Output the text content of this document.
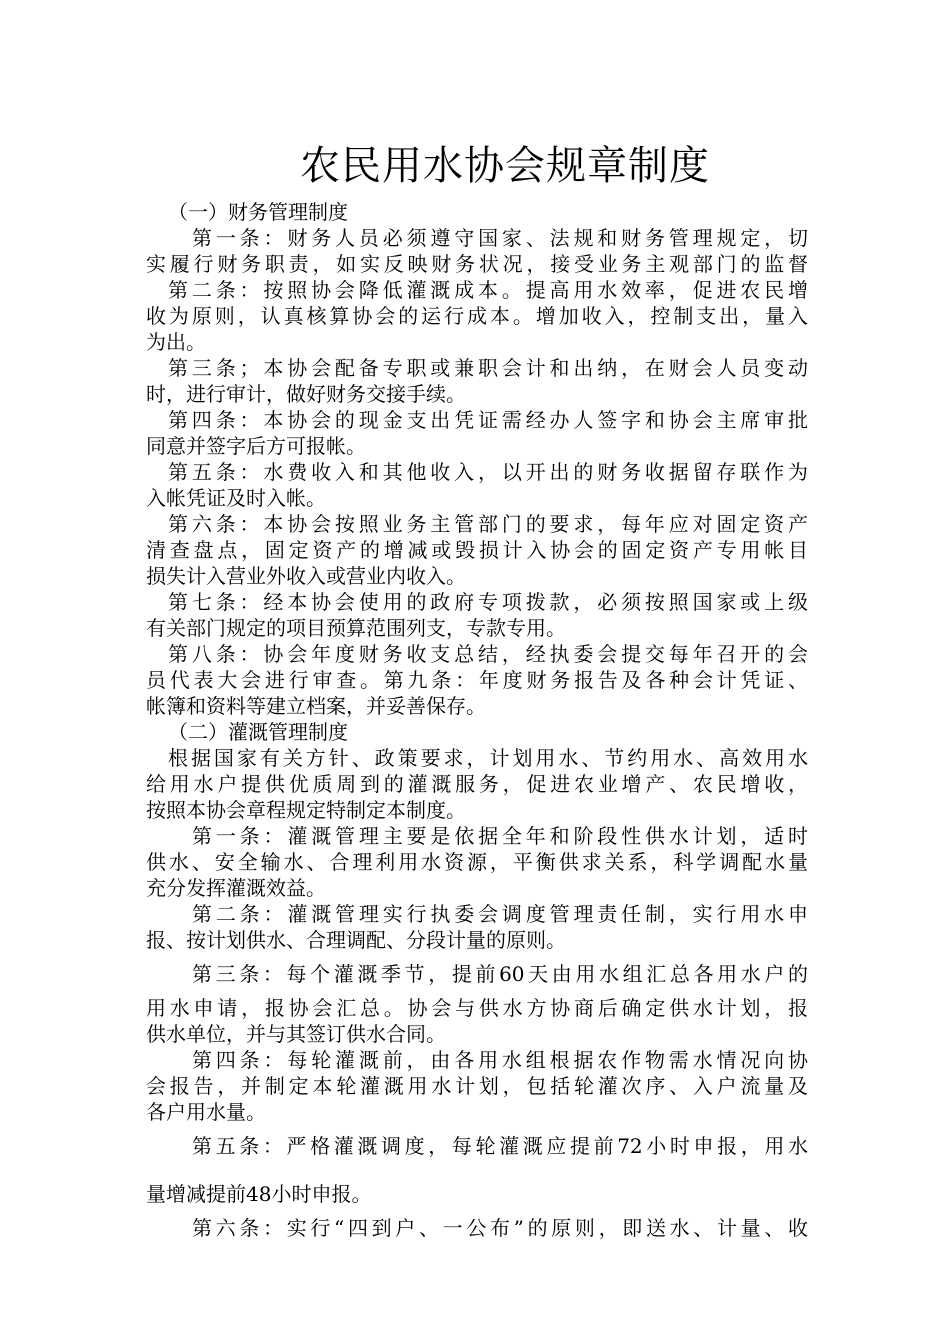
农民用水协会规章制度
（一）财务管理制度
第一条：财务人员必须遵守国家、法规和财务管理规定，切
实履行财务职责，如实反映财务状况，接受业务主观部门的监督
第二条：按照协会降低灌溉成本。提高用水效率，促进农民增
收为原则，认真核算协会的运行成本。增加收入，控制支出，量入
为出。
第三条；本协会配备专职或兼职会计和出纳，在财会人员变动
时，进行审计，做好财务交接手续。
第四条：本协会的现金支出凭证需经办人签字和协会主席审批
同意并签字后方可报帐。
第五条：水费收入和其他收入，以开出的财务收据留存联作为
入帐凭证及时入帐。
第六条：本协会按照业务主管部门的要求，每年应对固定资产
清查盘点，固定资产的增减或毁损计入协会的固定资产专用帐目
损失计入营业外收入或营业内收入。
第七条：经本协会使用的政府专项拨款，必须按照国家或上级
有关部门规定的项目预算范围列支，专款专用。
第八条：协会年度财务收支总结，经执委会提交每年召开的会
员代表大会进行审查。第九条：年度财务报告及各种会计凭证、
帐簿和资料等建立档案，并妥善保存。
（二）灌溉管理制度
根据国家有关方针、政策要求，计划用水、节约用水、高效用水
给用水户提供优质周到的灌溉服务，促进农业增产、农民增收，
按照本协会章程规定特制定本制度。
第一条：灌溉管理主要是依据全年和阶段性供水计划，适时
供水、安全输水、合理利用水资源，平衡供求关系，科学调配水量
充分发挥灌溉效益。
第二条：灌溉管理实行执委会调度管理责任制，实行用水申
报、按计划供水、合理调配、分段计量的原则。
第三条：每个灌溉季节，提前60天由用水组汇总各用水户的
用水申请，报协会汇总。协会与供水方协商后确定供水计划，报
供水单位，并与其签订供水合同。
第四条：每轮灌溉前，由各用水组根据农作物需水情况向协
会报告，并制定本轮灌溉用水计划，包括轮灌次序、入户流量及
各户用水量。
第五条：严格灌溉调度，每轮灌溉应提前72小时申报，用水
量增减提前48小时申报。
第六条：实行“四到户、一公布”的原则，即送水、计量、收
